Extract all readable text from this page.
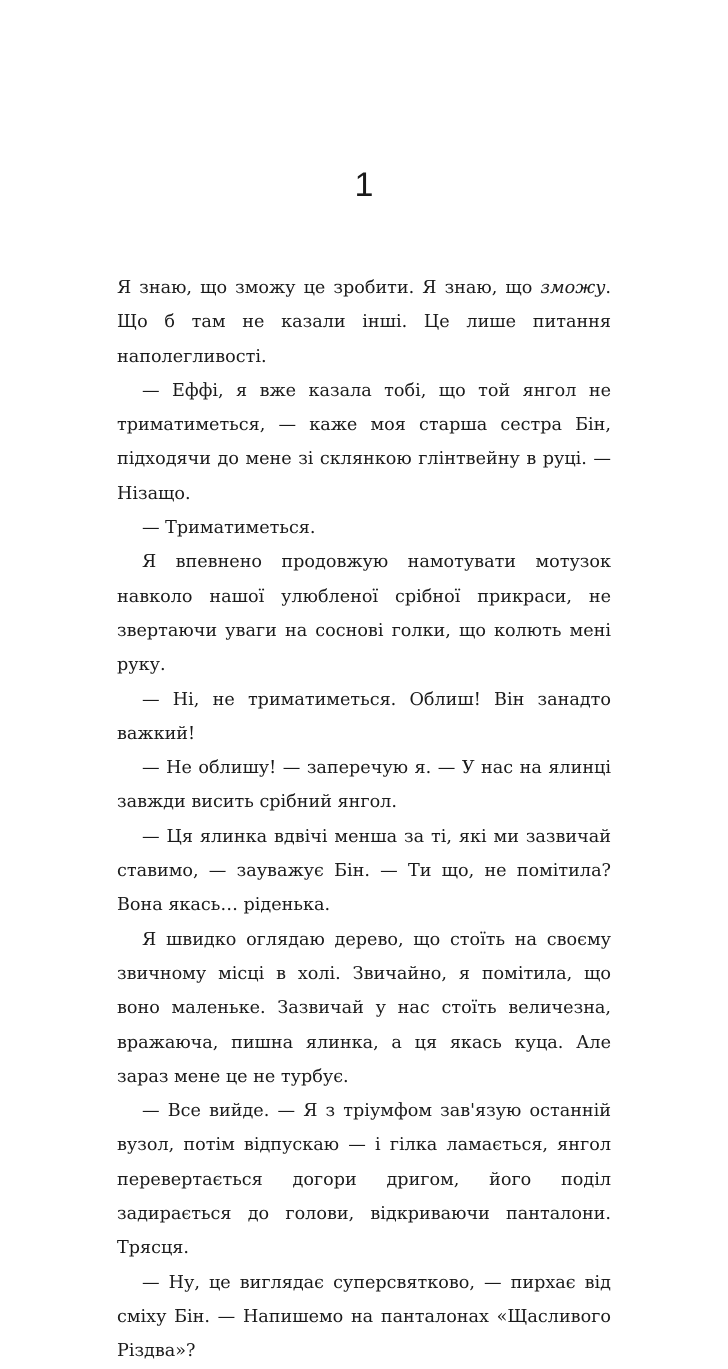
1

Я знаю, що зможу це зробити. Я знаю, що зможу. Що б там не казали інші. Це лише питання наполегливості.

— Еффі, я вже казала тобі, що той янгол не триматиметься, — каже моя старша сестра Бін, підходячи до мене зі склянкою глінтвейну в руці. — Нізащо.

— Триматиметься.

Я впевнено продовжую намотувати мотузок навколо нашої улюбленої срібної прикраси, не звертаючи уваги на соснові голки, що колють мені руку.

— Ні, не триматиметься. Облиш! Він занадто важкий!

— Не облишу! — заперечую я. — У нас на ялинці завжди висить срібний янгол.

— Ця ялинка вдвічі менша за ті, які ми зазвичай ставимо, — зауважує Бін. — Ти що, не помітила? Вона якась… ріденька.

Я швидко оглядаю дерево, що стоїть на своєму звичному місці в холі. Звичайно, я помітила, що воно маленьке. Зазвичай у нас стоїть величезна, вражаюча, пишна ялинка, а ця якась куца. Але зараз мене це не турбує.

— Все вийде. — Я з тріумфом зав'язую останній вузол, потім відпускаю — і гілка ламається, янгол перевертається догори дригом, його поділ задирається до голови, відкриваючи панталони. Трясця.

— Ну, це виглядає суперсвятково, — пирхає від сміху Бін. — Напишемо на панталонах «Щасливого Різдва»?
